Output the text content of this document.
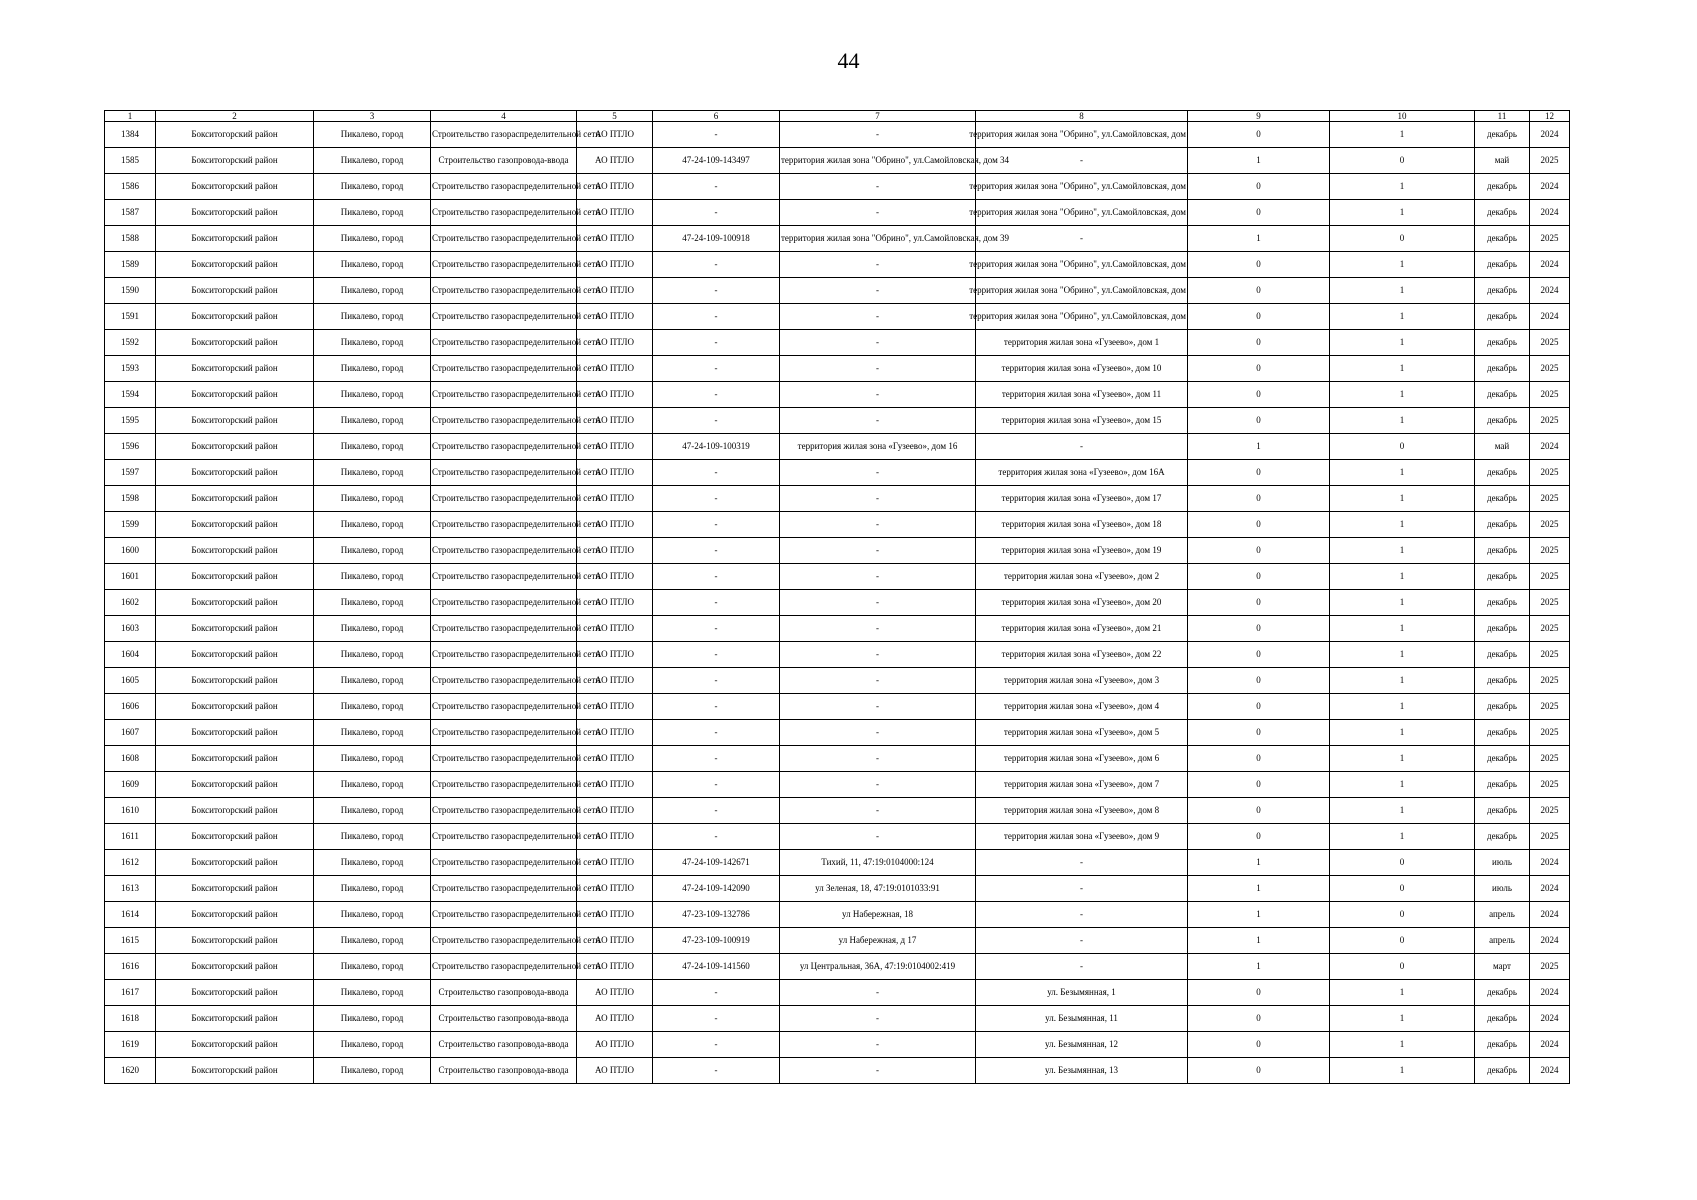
44
1	2	3	4	5	6	7	8	9	10	11	12
1384	Бокситогорский район	Пикалево, город	Строительство газораспределительной сети	АО ПТЛО	-	-	территория жилая зона "Обрино", ул.Самойловская, дом	0	1	декабрь	2024
1585	Бокситогорский район	Пикалево, город	Строительство газопровода-ввода	АО ПТЛО	47-24-109-143497	территория жилая зона "Обрино", ул.Самойловская, дом 34	-	1	0	май	2025
1586	Бокситогорский район	Пикалево, город	Строительство газораспределительной сети	АО ПТЛО	-	-	территория жилая зона "Обрино", ул.Самойловская, дом	0	1	декабрь	2024
1587	Бокситогорский район	Пикалево, город	Строительство газораспределительной сети	АО ПТЛО	-	-	территория жилая зона "Обрино", ул.Самойловская, дом	0	1	декабрь	2024
1588	Бокситогорский район	Пикалево, город	Строительство газораспределительной сети	АО ПТЛО	47-24-109-100918	территория жилая зона "Обрино", ул.Самойловская, дом 39	-	1	0	декабрь	2025
1589	Бокситогорский район	Пикалево, город	Строительство газораспределительной сети	АО ПТЛО	-	-	территория жилая зона "Обрино", ул.Самойловская, дом	0	1	декабрь	2024
1590	Бокситогорский район	Пикалево, город	Строительство газораспределительной сети	АО ПТЛО	-	-	территория жилая зона "Обрино", ул.Самойловская, дом	0	1	декабрь	2024
1591	Бокситогорский район	Пикалево, город	Строительство газораспределительной сети	АО ПТЛО	-	-	территория жилая зона "Обрино", ул.Самойловская, дом	0	1	декабрь	2024
1592	Бокситогорский район	Пикалево, город	Строительство газораспределительной сети	АО ПТЛО	-	-	территория жилая зона «Гузеево», дом 1	0	1	декабрь	2025
1593	Бокситогорский район	Пикалево, город	Строительство газораспределительной сети	АО ПТЛО	-	-	территория жилая зона «Гузеево», дом 10	0	1	декабрь	2025
1594	Бокситогорский район	Пикалево, город	Строительство газораспределительной сети	АО ПТЛО	-	-	территория жилая зона «Гузеево», дом 11	0	1	декабрь	2025
1595	Бокситогорский район	Пикалево, город	Строительство газораспределительной сети	АО ПТЛО	-	-	территория жилая зона «Гузеево», дом 15	0	1	декабрь	2025
1596	Бокситогорский район	Пикалево, город	Строительство газораспределительной сети	АО ПТЛО	47-24-109-100319	территория жилая зона «Гузеево», дом 16	-	1	0	май	2024
1597	Бокситогорский район	Пикалево, город	Строительство газораспределительной сети	АО ПТЛО	-	-	территория жилая зона «Гузеево», дом 16А	0	1	декабрь	2025
1598	Бокситогорский район	Пикалево, город	Строительство газораспределительной сети	АО ПТЛО	-	-	территория жилая зона «Гузеево», дом 17	0	1	декабрь	2025
1599	Бокситогорский район	Пикалево, город	Строительство газораспределительной сети	АО ПТЛО	-	-	территория жилая зона «Гузеево», дом 18	0	1	декабрь	2025
1600	Бокситогорский район	Пикалево, город	Строительство газораспределительной сети	АО ПТЛО	-	-	территория жилая зона «Гузеево», дом 19	0	1	декабрь	2025
1601	Бокситогорский район	Пикалево, город	Строительство газораспределительной сети	АО ПТЛО	-	-	территория жилая зона «Гузеево», дом 2	0	1	декабрь	2025
1602	Бокситогорский район	Пикалево, город	Строительство газораспределительной сети	АО ПТЛО	-	-	территория жилая зона «Гузеево», дом 20	0	1	декабрь	2025
1603	Бокситогорский район	Пикалево, город	Строительство газораспределительной сети	АО ПТЛО	-	-	территория жилая зона «Гузеево», дом 21	0	1	декабрь	2025
1604	Бокситогорский район	Пикалево, город	Строительство газораспределительной сети	АО ПТЛО	-	-	территория жилая зона «Гузеево», дом 22	0	1	декабрь	2025
1605	Бокситогорский район	Пикалево, город	Строительство газораспределительной сети	АО ПТЛО	-	-	территория жилая зона «Гузеево», дом 3	0	1	декабрь	2025
1606	Бокситогорский район	Пикалево, город	Строительство газораспределительной сети	АО ПТЛО	-	-	территория жилая зона «Гузеево», дом 4	0	1	декабрь	2025
1607	Бокситогорский район	Пикалево, город	Строительство газораспределительной сети	АО ПТЛО	-	-	территория жилая зона «Гузеево», дом 5	0	1	декабрь	2025
1608	Бокситогорский район	Пикалево, город	Строительство газораспределительной сети	АО ПТЛО	-	-	территория жилая зона «Гузеево», дом 6	0	1	декабрь	2025
1609	Бокситогорский район	Пикалево, город	Строительство газораспределительной сети	АО ПТЛО	-	-	территория жилая зона «Гузеево», дом 7	0	1	декабрь	2025
1610	Бокситогорский район	Пикалево, город	Строительство газораспределительной сети	АО ПТЛО	-	-	территория жилая зона «Гузеево», дом 8	0	1	декабрь	2025
1611	Бокситогорский район	Пикалево, город	Строительство газораспределительной сети	АО ПТЛО	-	-	территория жилая зона «Гузеево», дом 9	0	1	декабрь	2025
1612	Бокситогорский район	Пикалево, город	Строительство газораспределительной сети	АО ПТЛО	47-24-109-142671	Тихий, 11, 47:19:0104000:124	-	1	0	июль	2024
1613	Бокситогорский район	Пикалево, город	Строительство газораспределительной сети	АО ПТЛО	47-24-109-142090	ул Зеленая, 18, 47:19:0101033:91	-	1	0	июль	2024
1614	Бокситогорский район	Пикалево, город	Строительство газораспределительной сети	АО ПТЛО	47-23-109-132786	ул Набережная, 18	-	1	0	апрель	2024
1615	Бокситогорский район	Пикалево, город	Строительство газораспределительной сети	АО ПТЛО	47-23-109-100919	ул Набережная, д 17	-	1	0	апрель	2024
1616	Бокситогорский район	Пикалево, город	Строительство газораспределительной сети	АО ПТЛО	47-24-109-141560	ул Центральная, 36А, 47:19:0104002:419	-	1	0	март	2025
1617	Бокситогорский район	Пикалево, город	Строительство газопровода-ввода	АО ПТЛО	-	-	ул. Безымянная, 1	0	1	декабрь	2024
1618	Бокситогорский район	Пикалево, город	Строительство газопровода-ввода	АО ПТЛО	-	-	ул. Безымянная, 11	0	1	декабрь	2024
1619	Бокситогорский район	Пикалево, город	Строительство газопровода-ввода	АО ПТЛО	-	-	ул. Безымянная, 12	0	1	декабрь	2024
1620	Бокситогорский район	Пикалево, город	Строительство газопровода-ввода	АО ПТЛО	-	-	ул. Безымянная, 13	0	1	декабрь	2024
